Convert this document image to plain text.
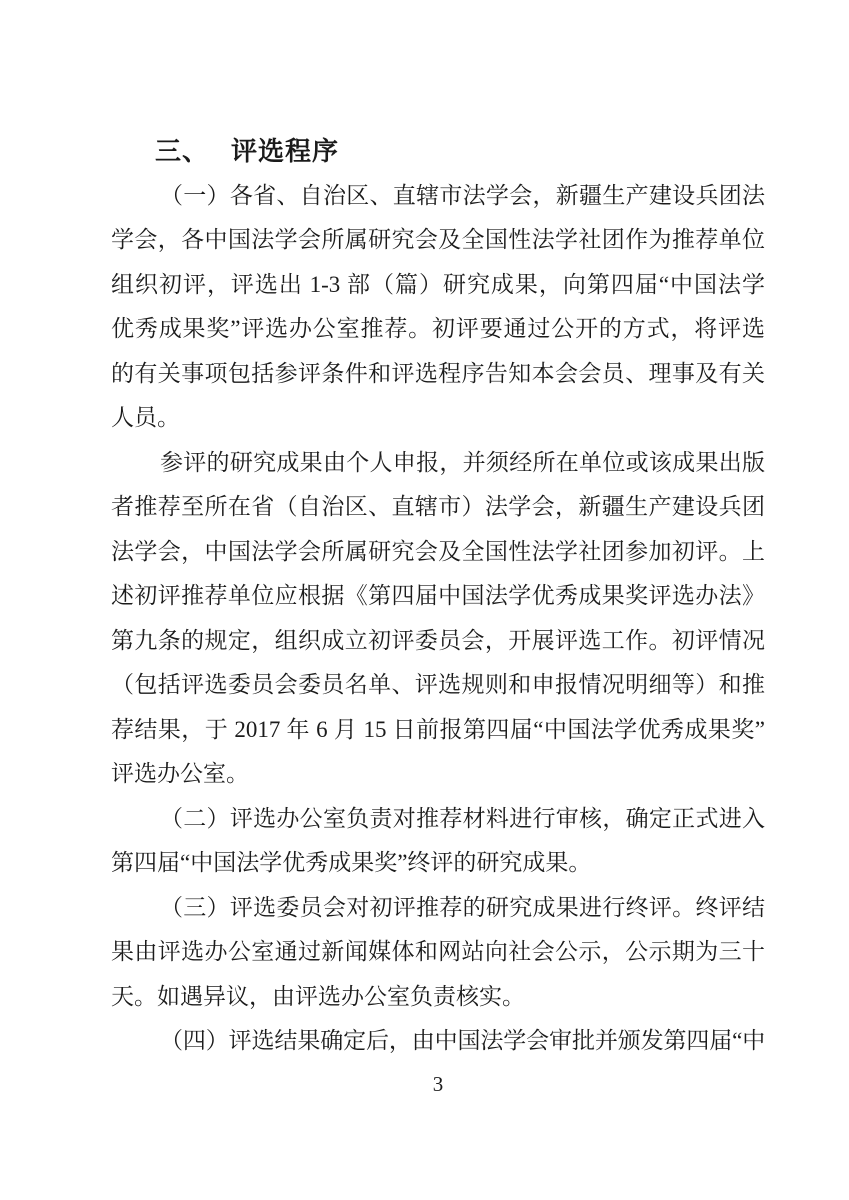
三、 评选程序
（一）各省、自治区、直辖市法学会，新疆生产建设兵团法
学会，各中国法学会所属研究会及全国性法学社团作为推荐单位
组织初评，评选出 1-3 部（篇）研究成果，向第四届“中国法学
优秀成果奖”评选办公室推荐。初评要通过公开的方式，将评选
的有关事项包括参评条件和评选程序告知本会会员、理事及有关
人员。
参评的研究成果由个人申报，并须经所在单位或该成果出版
者推荐至所在省（自治区、直辖市）法学会，新疆生产建设兵团
法学会，中国法学会所属研究会及全国性法学社团参加初评。上
述初评推荐单位应根据《第四届中国法学优秀成果奖评选办法》
第九条的规定，组织成立初评委员会，开展评选工作。初评情况
（包括评选委员会委员名单、评选规则和申报情况明细等）和推
荐结果，于 2017 年 6 月 15 日前报第四届“中国法学优秀成果奖”
评选办公室。
（二）评选办公室负责对推荐材料进行审核，确定正式进入
第四届“中国法学优秀成果奖”终评的研究成果。
（三）评选委员会对初评推荐的研究成果进行终评。终评结
果由评选办公室通过新闻媒体和网站向社会公示，公示期为三十
天。如遇异议，由评选办公室负责核实。
（四）评选结果确定后，由中国法学会审批并颁发第四届“中
3
